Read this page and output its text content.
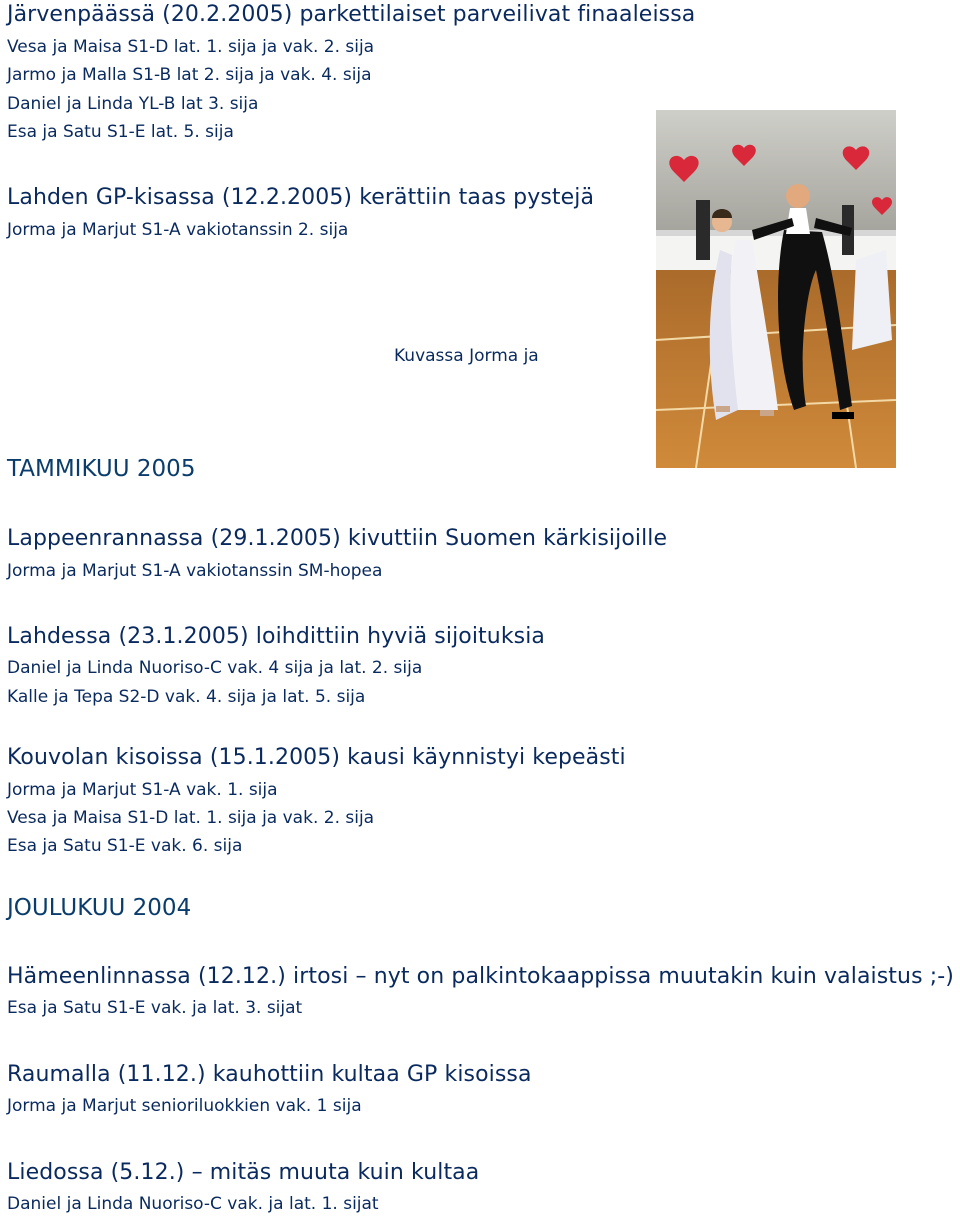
Järvenpäässä (20.2.2005) parkettilaiset parveilivat finaaleissa

Vesa ja Maisa S1-D lat. 1. sija ja vak. 2. sija

Jarmo ja Malla S1-B lat 2. sija ja vak. 4. sija

Daniel ja Linda YL-B lat 3. sija

Esa ja Satu S1-E lat. 5. sija

Lahden GP-kisassa (12.2.2005) kerättiin taas pystejä

Jorma ja Marjut S1-A vakiotanssin 2. sija

TAMMIKUU 2005

Lappeenrannassa (29.1.2005) kivuttiin Suomen kärkisijoille

Jorma ja Marjut S1-A vakiotanssin SM-hopea

Lahdessa (23.1.2005) loihdittiin hyviä sijoituksia

Daniel ja Linda Nuoriso-C vak. 4 sija ja lat. 2. sija

Kalle ja Tepa S2-D vak. 4. sija ja lat. 5. sija

Kouvolan kisoissa (15.1.2005) kausi käynnistyi kepeästi

Jorma ja Marjut S1-A vak. 1. sija

Vesa ja Maisa S1-D lat. 1. sija ja vak. 2. sija

Esa ja Satu S1-E vak. 6. sija

JOULUKUU 2004

Hämeenlinnassa (12.12.) irtosi – nyt on palkintokaappissa muutakin kuin valaistus ;-)

Esa ja Satu S1-E vak. ja lat. 3. sijat

Raumalla (11.12.) kauhottiin kultaa GP kisoissa

Jorma ja Marjut senioriluokkien vak. 1 sija

Liedossa (5.12.) – mitäs muuta kuin kultaa

Daniel ja Linda Nuoriso-C vak. ja lat. 1. sijat

Kuvassa Jorma ja
